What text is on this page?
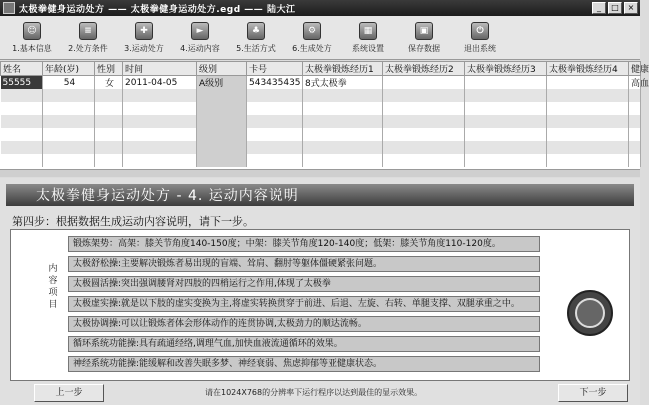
太极拳健身运动处方 —— 太极拳健身运动处方.egd —— 陆大江	_	□	×
☺
1.基本信息
≡
2.处方条件
✚
3.运动处方
►
4.运动内容
♣
5.生活方式
⚙
6.生成处方
▦
系统设置
▣
保存数据
⏻
退出系统
姓名	年龄(岁)	性别	时间	级别	卡号	太极拳锻炼经历1	太极拳锻炼经历2	太极拳锻炼经历3	太极拳锻炼经历4	健康
55555	54	女	2011-04-05	A级别	543435435	8式太极拳				高血

太极拳健身运动处方 - 4. 运动内容说明
第四步：根据数据生成运动内容说明，请下一步。
内容项目
锻炼架势：高架：膝关节角度140-150度；中架：膝关节角度120-140度；低架：膝关节角度110-120度。
太极舒松操:主要解决锻炼者易出现的盲端、耸肩、翻肘等躯体僵硬紧张问题。
太极圆活操:突出强调腰肾对四肢的四梢运行之作用,体现了太极拳
太极虚实操:就是以下肢的虚实变换为主,将虚实转换贯穿于前进、后退、左旋、右转、单腿支撑、双腿承重之中。
太极协调操:可以让锻炼者体会形体动作的连贯协调,太极劲力的顺达流畅。
循环系统功能操:具有疏通经络,调理气血,加快血液流通循环的效果。
神经系统功能操:能缓解和改善失眠多梦、神经衰弱、焦虑抑郁等亚健康状态。
上一步	请在1024X768的分辨率下运行程序以达到最佳的显示效果。	下一步
